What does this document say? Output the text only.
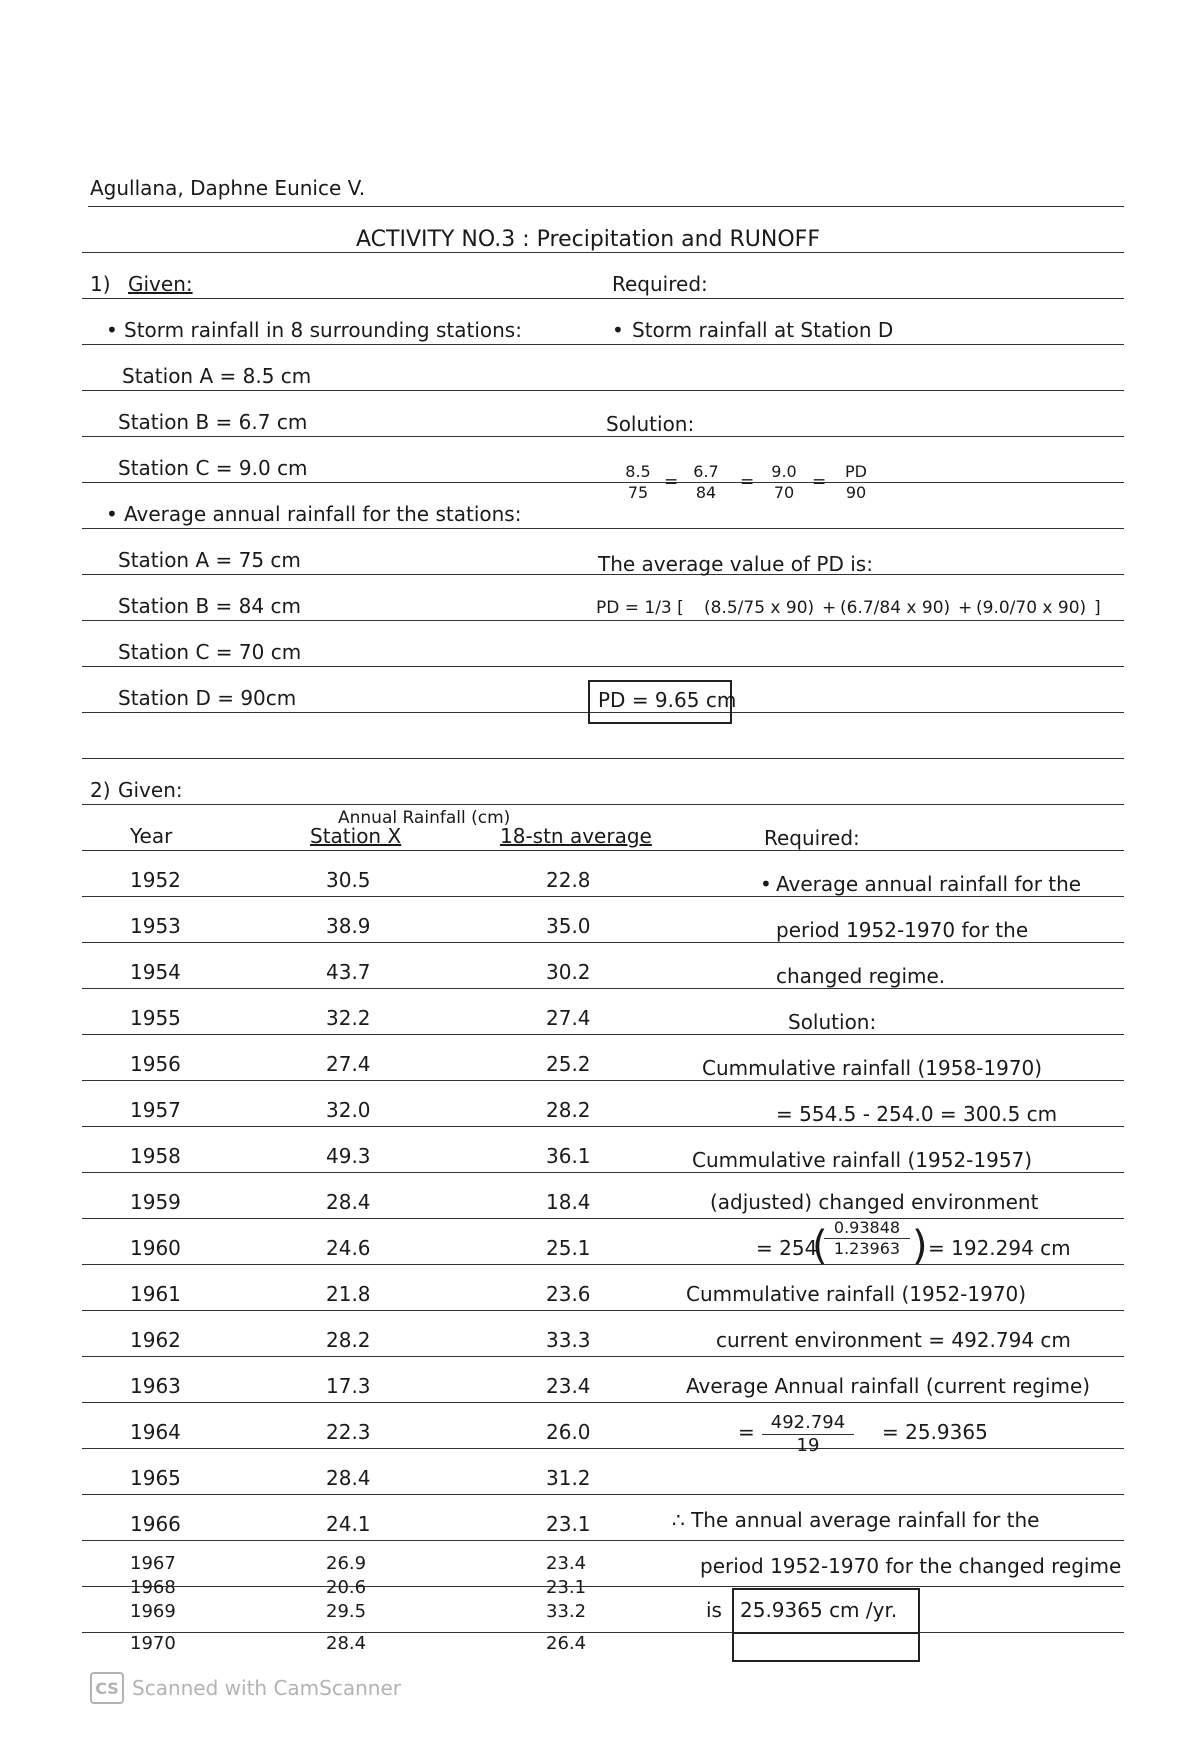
Agullana, Daphne Eunice V.
ACTIVITY NO.3 : Precipitation and RUNOFF
1) Given:	Required:
• Storm rainfall in 8 surrounding stations:	• Storm rainfall at Station D
Station A = 8.5 cm
Station B = 6.7 cm	Solution:
Station C = 9.0 cm	$\frac{8.5}{75} = \frac{6.7}{84} = \frac{9.0}{70} = \frac{PD}{90}$
• Average annual rainfall for the stations:
Station A = 75 cm	The average value of PD is:
Station B = 84 cm	PD = 1/3 [ (8.5/75 x 90) + (6.7/84 x 90) + (9.0/70 x 90) ]
Station C = 70 cm
Station D = 90cm	PD = 9.65 cm
2) Given:
Annual Rainfall (cm)
Year	Station X	18-stn average	Required:
1952	30.5	22.8
1953	38.9	35.0
1954	43.7	30.2
1955	32.2	27.4
1956	27.4	25.2
1957	32.0	28.2
1958	49.3	36.1
1959	28.4	18.4
1960	24.6	25.1
1961	21.8	23.6
1962	28.2	33.3
1963	17.3	23.4
1964	22.3	26.0
1965	28.4	31.2
1966	24.1	23.1
1967	26.9	23.4
1968	20.6	23.1
1969	29.5	33.2
1970	28.4	26.4
• Average annual rainfall for the
period 1952-1970 for the
changed regime.
Solution:
Cummulative rainfall (1958-1970)
= 554.5 - 254.0 = 300.5 cm
Cummulative rainfall (1952-1957)
(adjusted) changed environment
= 254
(
$\frac{0.93848}{1.23963}$ ) = 192.294 cm
Cummulative rainfall (1952-1970)
current environment = 492.794 cm
Average Annual rainfall (current regime)
= $\frac{492.794}{19} = 25.9365$
∴ The annual average rainfall for the
period 1952-1970 for the changed regime
is 25.9365 cm /yr.
CS Scanned with CamScanner
